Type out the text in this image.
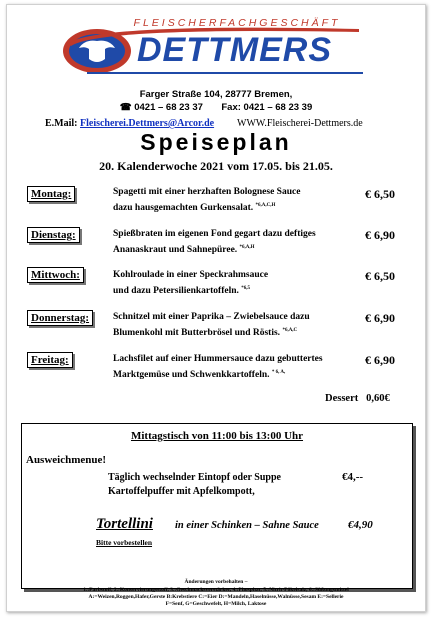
FLEISCHERFACHGESCHÄFT
DETTMERS
Farger Straße 104, 28777 Bremen,
☎ 0421 – 68 23 37       Fax: 0421 – 68 23 39
E.Mail: Fleischerei.Dettmers@Arcor.de WWW.Fleischerei-Dettmers.de
Speiseplan
20. Kalenderwoche 2021 vom 17.05. bis 21.05.
Montag:	Spagetti mit einer herzhaften Bolognese Sauce
dazu hausgemachten Gurkensalat. $^{*6,A,C,H}$
€ 6,50
Dienstag:	Spießbraten im eigenen Fond gegart dazu deftiges
Ananaskraut und Sahnepüree. $^{*6,A,H}$
€ 6,90
Mittwoch:	Kohlroulade in einer Speckrahmsauce
und dazu Petersilienkartoffeln. $^{*6,5}$
€ 6,50
Donnerstag:	Schnitzel mit einer Paprika – Zwiebelsauce dazu
Blumenkohl mit Butterbrösel und Röstis. $^{*6,A,C}$
€ 6,90
Freitag:	Lachsfilet auf einer Hummersauce dazu gebuttertes
Marktgemüse und Schwenkkartoffeln. $^{* 6, A,}$
€ 6,90
Dessert   0,60€
Mittagstisch von 11:00 bis 13:00 Uhr
Ausweichmenue!
Täglich wechselnder Eintopf oder Suppe	€4,--
Kartoffelpuffer mit Apfelkompott,
Tortellini in einer Schinken – Sahne Sauce	€4,90
Bitte vorbestellen
Änderungen vorbehalten –
1.:Farbstoff, 2.:Konservierungsstoff, 3.:Geschmacksverstärker, 4.:Phosphat, 5.:Nitrit-Pökelsalz, 6.:Süßungsmittel
A:=Weizen,Roggen,Hafer,Gerste B:Krebstiere C:=Eier D:=Mandeln,Haselnüsse,Walnüsse,Sesam E:=Sellerie
F=Senf, G=Geschwefelt, H=Milch, Laktose
